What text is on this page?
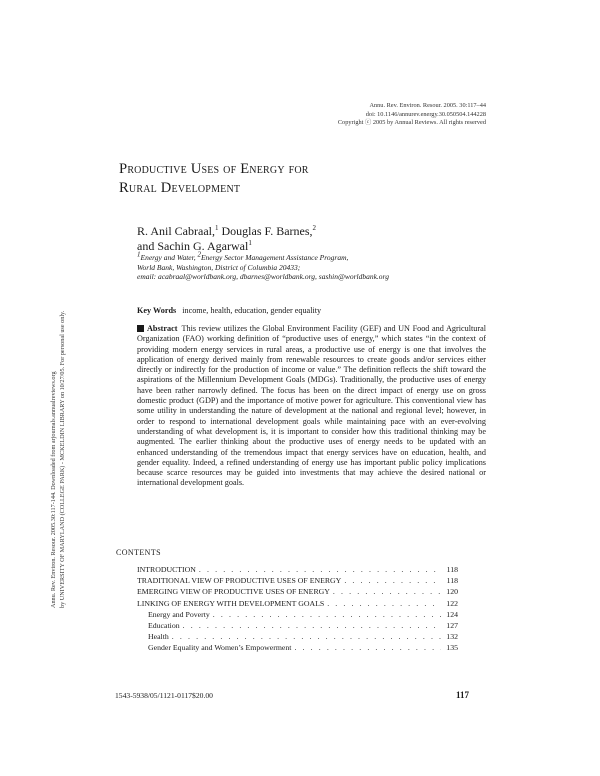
Annu. Rev. Environ. Resour. 2005. 30:117–44
doi: 10.1146/annurev.energy.30.050504.144228
Copyright ⓒ 2005 by Annual Reviews. All rights reserved
Productive Uses of Energy for
Rural Development
R. Anil Cabraal,$^1$ Douglas F. Barnes,$^2$
and Sachin G. Agarwal$^1$
$^1$Energy and Water, $^2$Energy Sector Management Assistance Program,
World Bank, Washington, District of Columbia 20433;
email: acabraal@worldbank.org, dbarnes@worldbank.org, sashin@worldbank.org
Key Words income, health, education, gender equality
Abstract This review utilizes the Global Environment Facility (GEF) and UN Food and Agricultural Organization (FAO) working definition of “productive uses of energy,” which states “in the context of providing modern energy services in rural areas, a productive use of energy is one that involves the application of energy derived mainly from renewable resources to create goods and/or services either directly or indirectly for the production of income or value.” The definition reflects the shift toward the aspirations of the Millennium Development Goals (MDGs). Traditionally, the productive uses of energy have been rather narrowly defined. The focus has been on the direct impact of energy use on gross domestic product (GDP) and the importance of motive power for agriculture. This conventional view has some utility in understanding the nature of development at the national and regional level; however, in order to respond to international development goals while maintaining pace with an ever-evolving understanding of what development is, it is important to consider how this traditional thinking may be augmented. The earlier thinking about the productive uses of energy needs to be updated with an enhanced understanding of the tremendous impact that energy services have on education, health, and gender equality. Indeed, a refined understanding of energy use has important public policy implications because scarce resources may be guided into investments that may achieve the desired national or international development goals.
Annu. Rev. Environ. Resour. 2005.30:117-144. Downloaded from arjournals.annualreviews.org by UNIVERSITY OF MARYLAND (COLLEGE PARK) - MCKELDIN LIBRARY on 10/27/05. For personal use only.	CONTENTS
INTRODUCTION . . .	118
TRADITIONAL VIEW OF PRODUCTIVE USES OF ENERGY . . .	118
EMERGING VIEW OF PRODUCTIVE USES OF ENERGY . . .	120
LINKING OF ENERGY WITH DEVELOPMENT GOALS . . .	122
Energy and Poverty . . .	124
Education . . .	127
Health . . .	132
Gender Equality and Women’s Empowerment . . .	135
1543-5938/05/1121-0117$20.00	117
